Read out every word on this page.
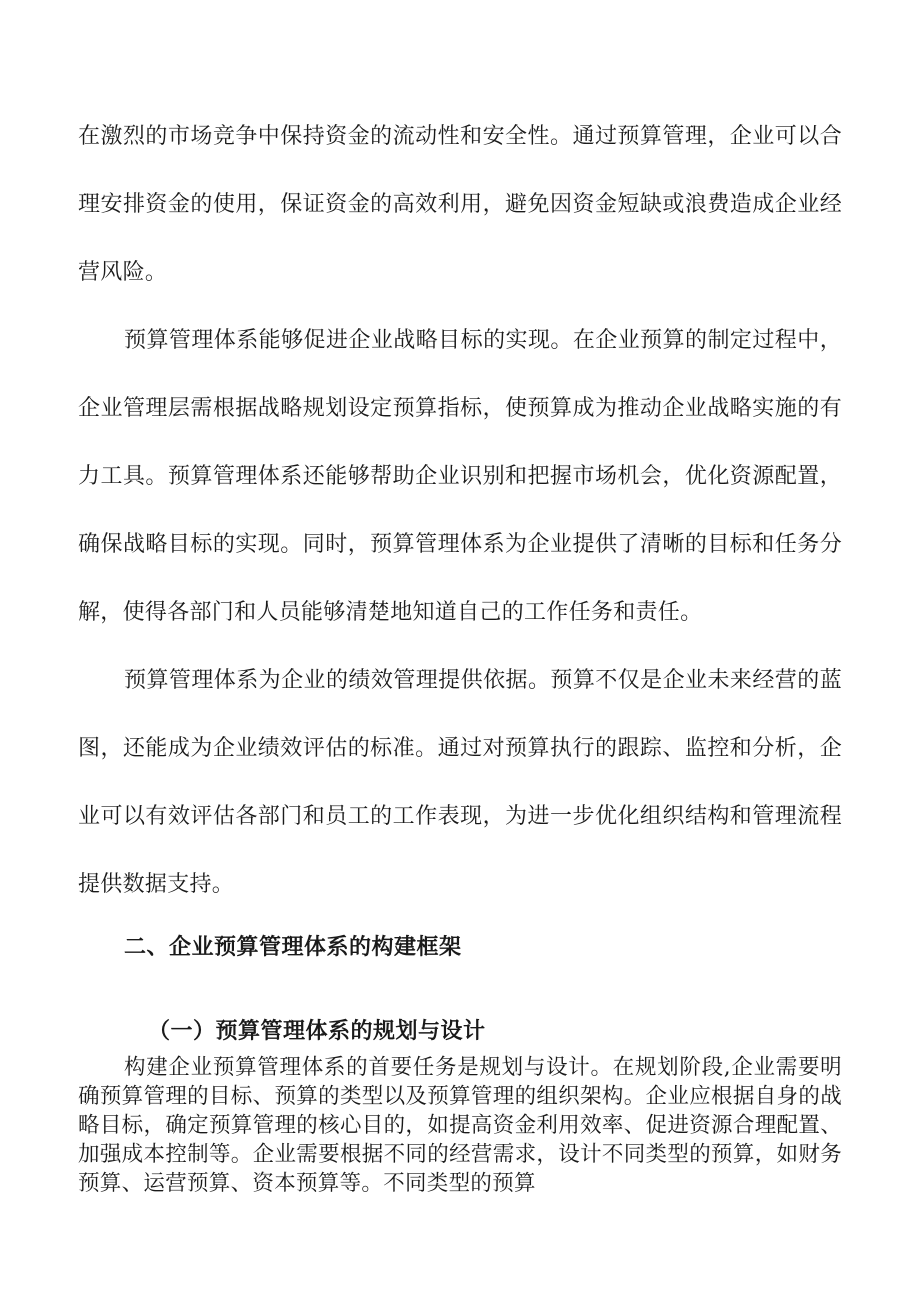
在激烈的市场竞争中保持资金的流动性和安全性。通过预算管理，企业可以合理安排资金的使用，保证资金的高效利用，避免因资金短缺或浪费造成企业经营风险。

预算管理体系能够促进企业战略目标的实现。在企业预算的制定过程中，企业管理层需根据战略规划设定预算指标，使预算成为推动企业战略实施的有力工具。预算管理体系还能够帮助企业识别和把握市场机会，优化资源配置，确保战略目标的实现。同时，预算管理体系为企业提供了清晰的目标和任务分解，使得各部门和人员能够清楚地知道自己的工作任务和责任。

预算管理体系为企业的绩效管理提供依据。预算不仅是企业未来经营的蓝图，还能成为企业绩效评估的标准。通过对预算执行的跟踪、监控和分析，企业可以有效评估各部门和员工的工作表现，为进一步优化组织结构和管理流程提供数据支持。

二、企业预算管理体系的构建框架
（一）预算管理体系的规划与设计

构建企业预算管理体系的首要任务是规划与设计。在规划阶段,企业需要明确预算管理的目标、预算的类型以及预算管理的组织架构。企业应根据自身的战略目标，确定预算管理的核心目的，如提高资金利用效率、促进资源合理配置、加强成本控制等。企业需要根据不同的经营需求，设计不同类型的预算，如财务预算、运营预算、资本预算等。不同类型的预算
